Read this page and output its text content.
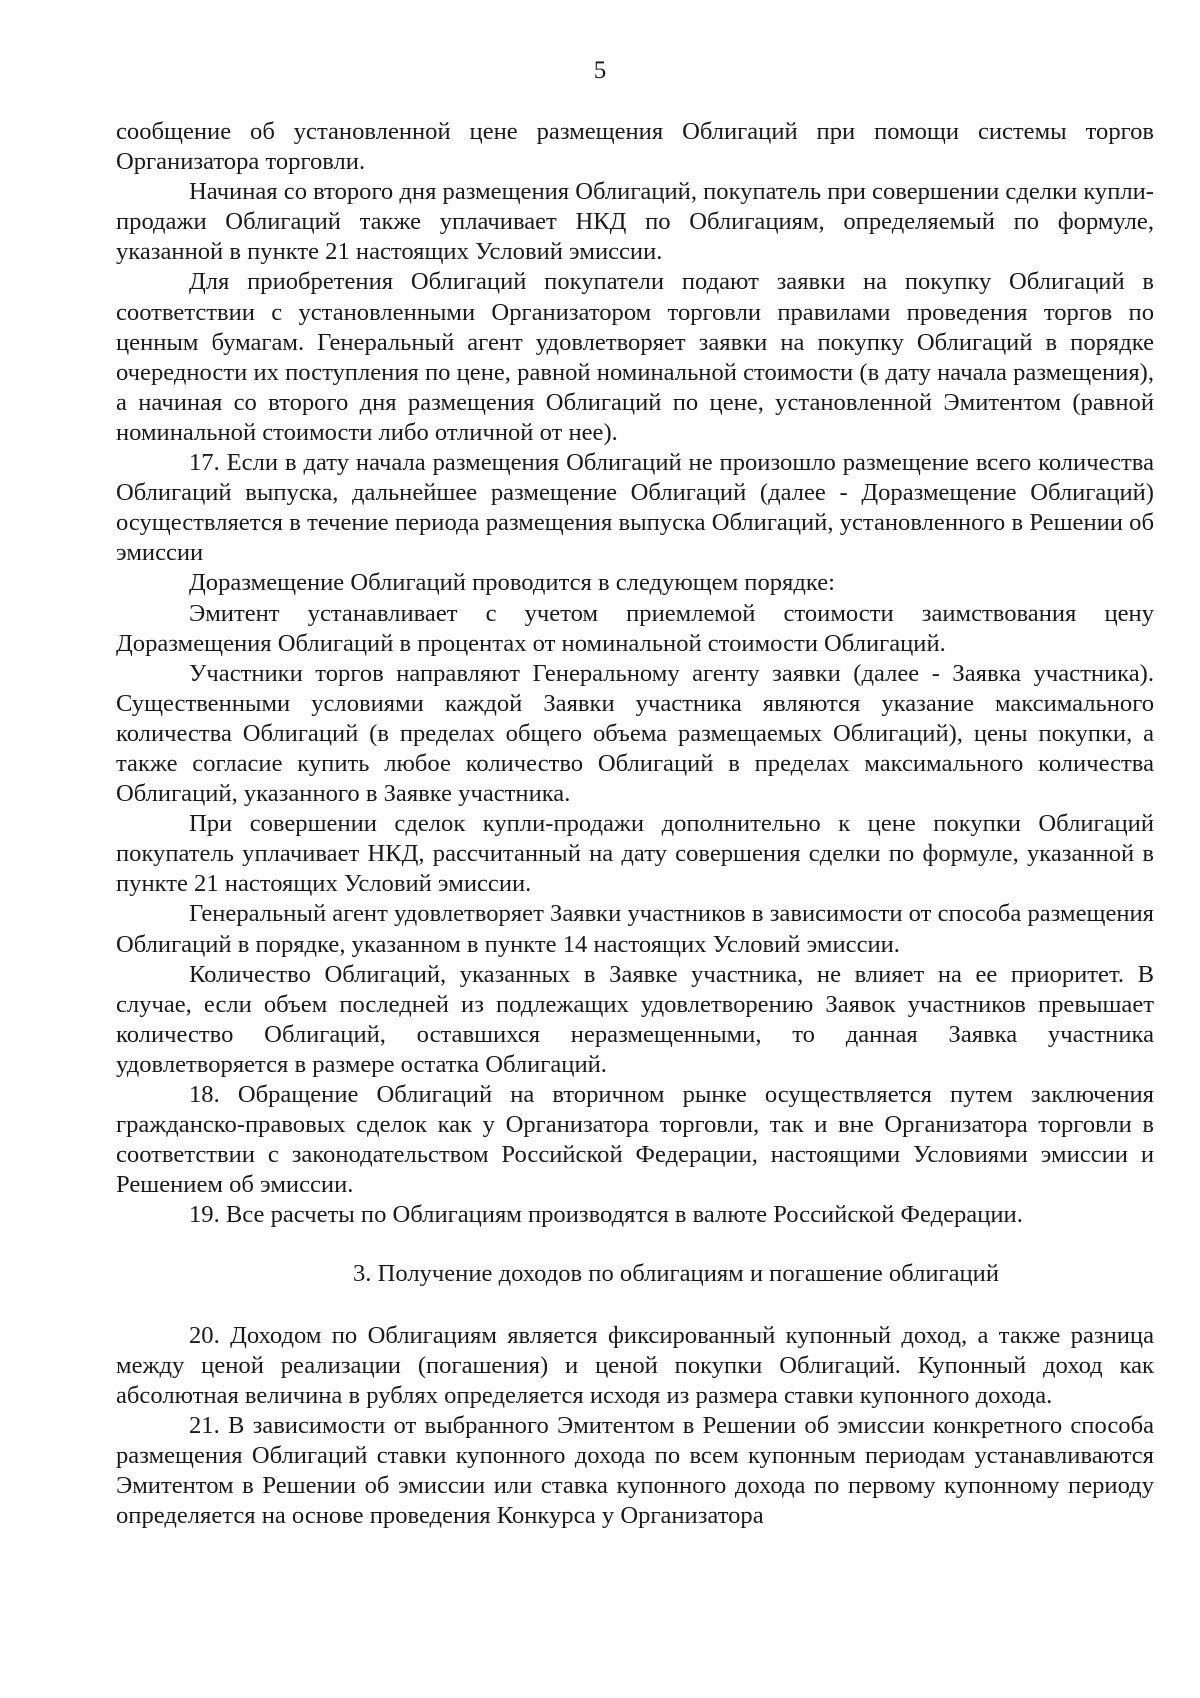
5

сообщение об установленной цене размещения Облигаций при помощи системы торгов Организатора торговли.

Начиная со второго дня размещения Облигаций, покупатель при совершении сделки купли-продажи Облигаций также уплачивает НКД по Облигациям, определяемый по формуле, указанной в пункте 21 настоящих Условий эмиссии.

Для приобретения Облигаций покупатели подают заявки на покупку Облигаций в соответствии с установленными Организатором торговли правилами проведения торгов по ценным бумагам. Генеральный агент удовлетворяет заявки на покупку Облигаций в порядке очередности их поступления по цене, равной номинальной стоимости (в дату начала размещения), а начиная со второго дня размещения Облигаций по цене, установленной Эмитентом (равной номинальной стоимости либо отличной от нее).

17. Если в дату начала размещения Облигаций не произошло размещение всего количества Облигаций выпуска, дальнейшее размещение Облигаций (далее - Доразмещение Облигаций) осуществляется в течение периода размещения выпуска Облигаций, установленного в Решении об эмиссии

Доразмещение Облигаций проводится в следующем порядке:

Эмитент устанавливает с учетом приемлемой стоимости заимствования цену Доразмещения Облигаций в процентах от номинальной стоимости Облигаций.

Участники торгов направляют Генеральному агенту заявки (далее - Заявка участника). Существенными условиями каждой Заявки участника являются указание максимального количества Облигаций (в пределах общего объема размещаемых Облигаций), цены покупки, а также согласие купить любое количество Облигаций в пределах максимального количества Облигаций, указанного в Заявке участника.

При совершении сделок купли-продажи дополнительно к цене покупки Облигаций покупатель уплачивает НКД, рассчитанный на дату совершения сделки по формуле, указанной в пункте 21 настоящих Условий эмиссии.

Генеральный агент удовлетворяет Заявки участников в зависимости от способа размещения Облигаций в порядке, указанном в пункте 14 настоящих Условий эмиссии.

Количество Облигаций, указанных в Заявке участника, не влияет на ее приоритет. В случае, если объем последней из подлежащих удовлетворению Заявок участников превышает количество Облигаций, оставшихся неразмещенными, то данная Заявка участника удовлетворяется в размере остатка Облигаций.

18. Обращение Облигаций на вторичном рынке осуществляется путем заключения гражданско-правовых сделок как у Организатора торговли, так и вне Организатора торговли в соответствии с законодательством Российской Федерации, настоящими Условиями эмиссии и Решением об эмиссии.

19. Все расчеты по Облигациям производятся в валюте Российской Федерации.

3. Получение доходов по облигациям и погашение облигаций

20. Доходом по Облигациям является фиксированный купонный доход, а также разница между ценой реализации (погашения) и ценой покупки Облигаций. Купонный доход как абсолютная величина в рублях определяется исходя из размера ставки купонного дохода.

21. В зависимости от выбранного Эмитентом в Решении об эмиссии конкретного способа размещения Облигаций ставки купонного дохода по всем купонным периодам устанавливаются Эмитентом в Решении об эмиссии или ставка купонного дохода по первому купонному периоду определяется на основе проведения Конкурса у Организатора
